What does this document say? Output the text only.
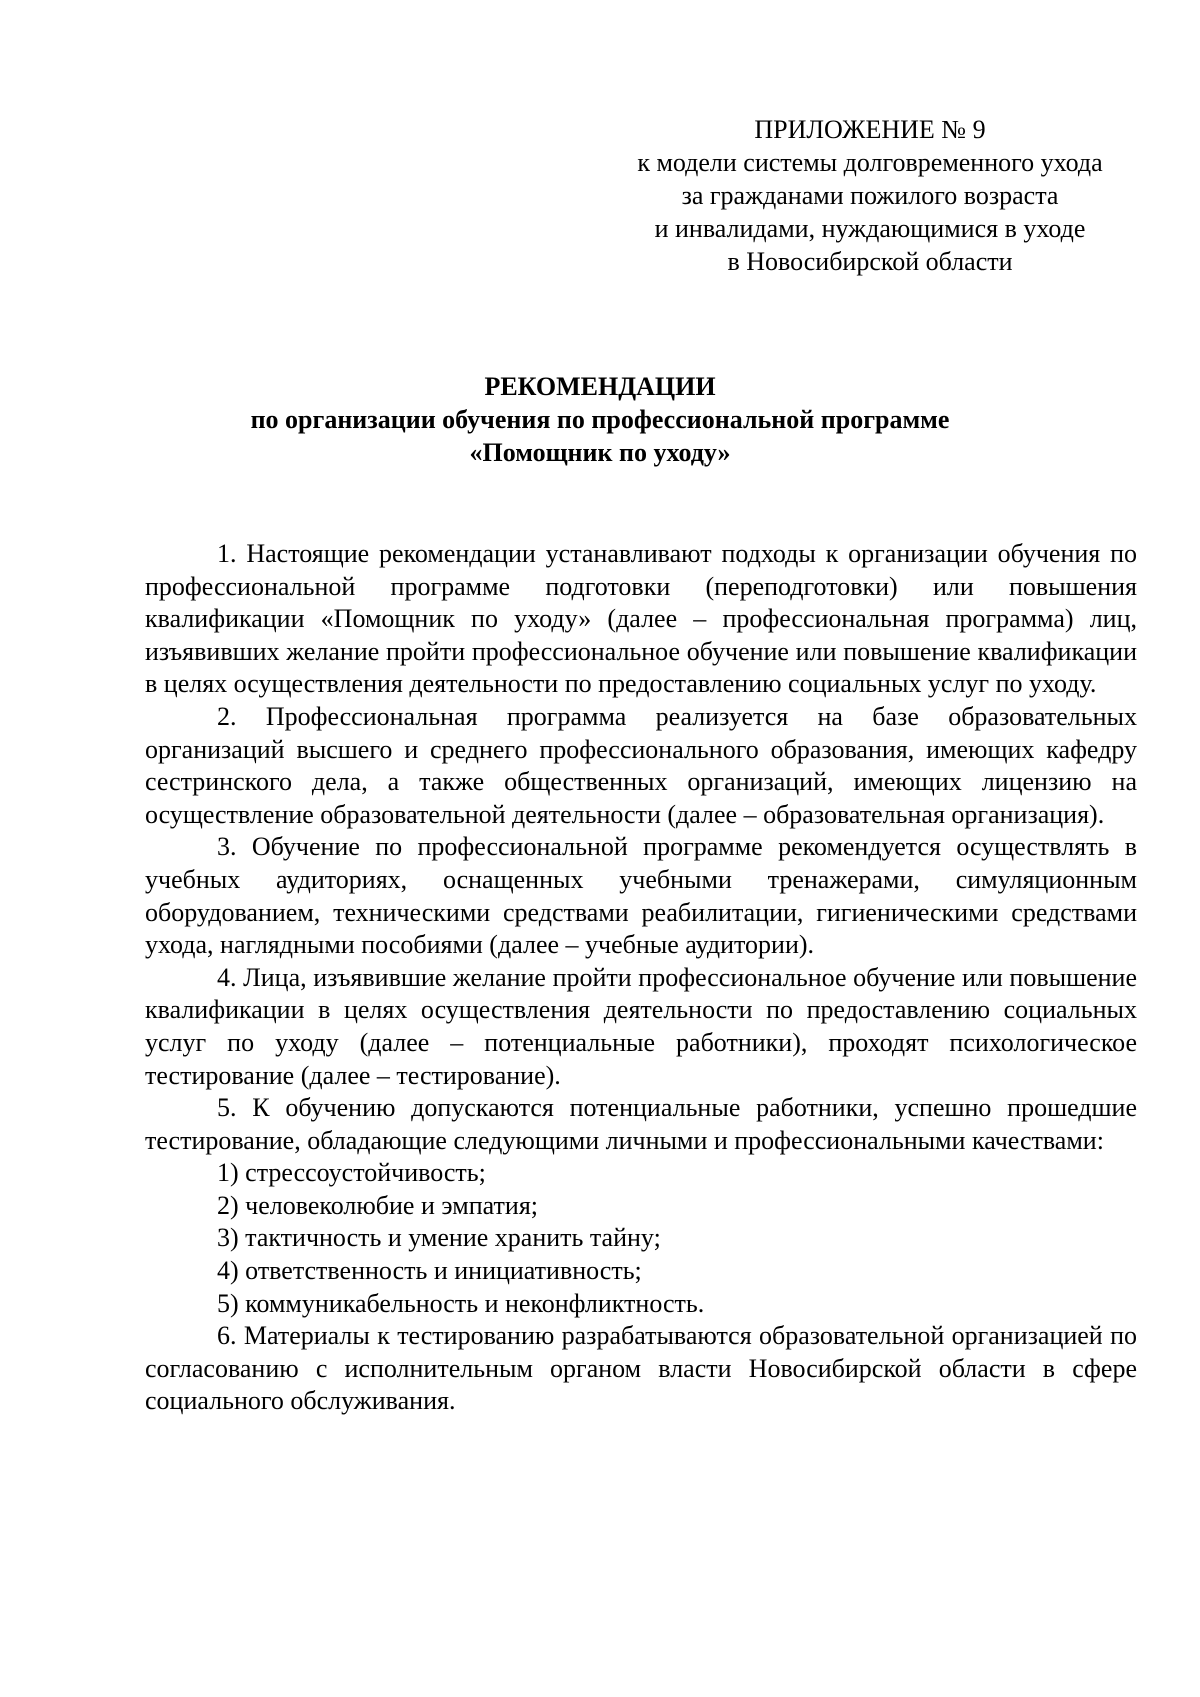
ПРИЛОЖЕНИЕ № 9
к модели системы долговременного ухода
за гражданами пожилого возраста
и инвалидами, нуждающимися в уходе
в Новосибирской области
РЕКОМЕНДАЦИИ
по организации обучения по профессиональной программе
«Помощник по уходу»

1. Настоящие рекомендации устанавливают подходы к организации обучения по профессиональной программе подготовки (переподготовки) или повышения квалификации «Помощник по уходу» (далее – профессиональная программа) лиц, изъявивших желание пройти профессиональное обучение или повышение квалификации в целях осуществления деятельности по предоставлению социальных услуг по уходу.

2. Профессиональная программа реализуется на базе образовательных организаций высшего и среднего профессионального образования, имеющих кафедру сестринского дела, а также общественных организаций, имеющих лицензию на осуществление образовательной деятельности (далее – образовательная организация).

3. Обучение по профессиональной программе рекомендуется осуществлять в учебных аудиториях, оснащенных учебными тренажерами, симуляционным оборудованием, техническими средствами реабилитации, гигиеническими средствами ухода, наглядными пособиями (далее – учебные аудитории).

4. Лица, изъявившие желание пройти профессиональное обучение или повышение квалификации в целях осуществления деятельности по предоставлению социальных услуг по уходу (далее – потенциальные работники), проходят психологическое тестирование (далее – тестирование).

5. К обучению допускаются потенциальные работники, успешно прошедшие тестирование, обладающие следующими личными и профессиональными качествами:

1) стрессоустойчивость;

2) человеколюбие и эмпатия;

3) тактичность и умение хранить тайну;

4) ответственность и инициативность;

5) коммуникабельность и неконфликтность.

6. Материалы к тестированию разрабатываются образовательной организацией по согласованию с исполнительным органом власти Новосибирской области в сфере социального обслуживания.
